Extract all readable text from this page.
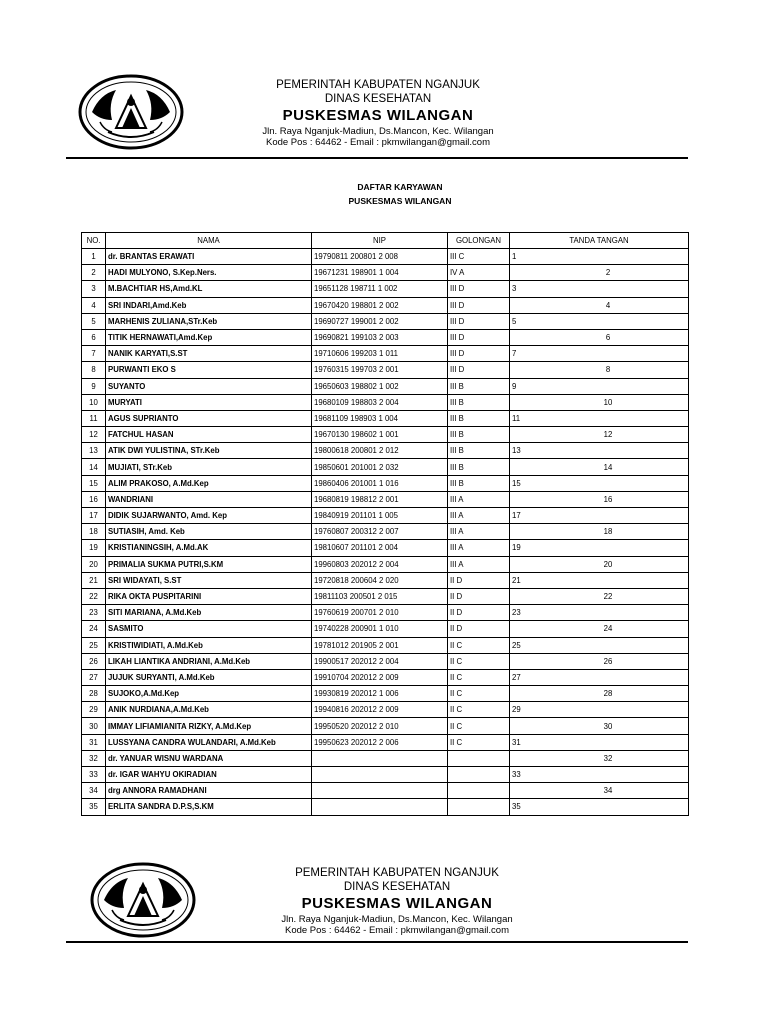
PEMERINTAH KABUPATEN NGANJUK
DINAS KESEHATAN
PUSKESMAS WILANGAN
Jln. Raya Nganjuk-Madiun, Ds.Mancon, Kec. Wilangan
Kode Pos : 64462 - Email : pkmwilangan@gmail.com
DAFTAR KARYAWAN
PUSKESMAS WILANGAN
NO.	NAMA	NIP	GOLONGAN	TANDA TANGAN
1	dr. BRANTAS ERAWATI	19790811 200801 2 008	III C	1
2	HADI MULYONO, S.Kep.Ners.	19671231 198901 1 004	IV A	2
3	M.BACHTIAR HS,Amd.KL	19651128 198711 1 002	III D	3
4	SRI INDARI,Amd.Keb	19670420 198801 2 002	III D	4
5	MARHENIS ZULIANA,STr.Keb	19690727 199001 2 002	III D	5
6	TITIK HERNAWATI,Amd.Kep	19690821 199103 2 003	III D	6
7	NANIK KARYATI,S.ST	19710606 199203 1 011	III D	7
8	PURWANTI EKO S	19760315 199703 2 001	III D	8
9	SUYANTO	19650603 198802 1 002	III B	9
10	MURYATI	19680109 198803 2 004	III B	10
11	AGUS SUPRIANTO	19681109 198903 1 004	III B	11
12	FATCHUL HASAN	19670130 198602 1 001	III B	12
13	ATIK DWI YULISTINA, STr.Keb	19800618 200801 2 012	III B	13
14	MUJIATI, STr.Keb	19850601 201001 2 032	III B	14
15	ALIM PRAKOSO, A.Md.Kep	19860406 201001 1 016	III B	15
16	WANDRIANI	19680819 198812 2 001	III A	16
17	DIDIK SUJARWANTO, Amd. Kep	19840919 201101 1 005	III A	17
18	SUTIASIH, Amd. Keb	19760807 200312 2 007	III A	18
19	KRISTIANINGSIH, A.Md.AK	19810607 201101 2 004	III A	19
20	PRIMALIA SUKMA PUTRI,S.KM	19960803 202012 2 004	III A	20
21	SRI WIDAYATI, S.ST	19720818 200604 2 020	II D	21
22	RIKA OKTA PUSPITARINI	19811103 200501 2 015	II D	22
23	SITI MARIANA, A.Md.Keb	19760619 200701 2 010	II D	23
24	SASMITO	19740228 200901 1 010	II D	24
25	KRISTIWIDIATI, A.Md.Keb	19781012 201905 2 001	II C	25
26	LIKAH LIANTIKA ANDRIANI, A.Md.Keb	19900517 202012 2 004	II C	26
27	JUJUK SURYANTI, A.Md.Keb	19910704 202012 2 009	II C	27
28	SUJOKO,A.Md.Kep	19930819 202012 1 006	II C	28
29	ANIK NURDIANA,A.Md.Keb	19940816 202012 2 009	II C	29
30	IMMAY LIFIAMIANITA RIZKY, A.Md.Kep	19950520 202012 2 010	II C	30
31	LUSSYANA CANDRA WULANDARI, A.Md.Keb	19950623 202012 2 006	II C	31
32	dr. YANUAR WISNU WARDANA			32
33	dr. IGAR WAHYU OKIRADIAN			33
34	drg ANNORA RAMADHANI			34
35	ERLITA SANDRA D.P.S,S.KM			35
PEMERINTAH KABUPATEN NGANJUK
DINAS KESEHATAN
PUSKESMAS WILANGAN
Jln. Raya Nganjuk-Madiun, Ds.Mancon, Kec. Wilangan
Kode Pos : 64462 - Email : pkmwilangan@gmail.com
